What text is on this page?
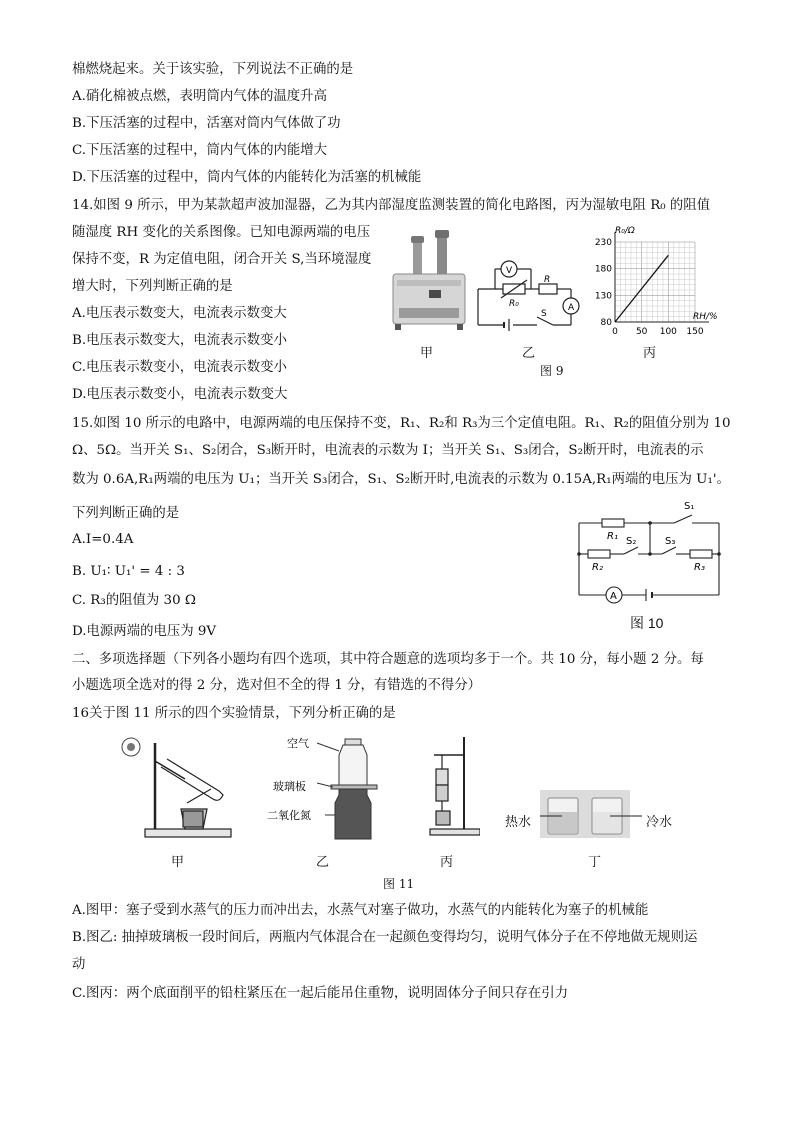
棉燃烧起来。关于该实验，下列说法不正确的是
A.硝化棉被点燃，表明筒内气体的温度升高
B.下压活塞的过程中，活塞对筒内气体做了功
C.下压活塞的过程中，筒内气体的内能增大
D.下压活塞的过程中，筒内气体的内能转化为活塞的机械能
14.如图 9 所示，甲为某款超声波加湿器，乙为其内部湿度监测装置的简化电路图，丙为湿敏电阻 R₀ 的阻值
随湿度 RH 变化的关系图像。已知电源两端的电压
保持不变，R 为定值电阻，闭合开关 S,当环境湿度
增大时，下列判断正确的是
A.电压表示数变大，电流表示数变大
B.电压表示数变大，电流表示数变小
C.电压表示数变小，电流表示数变小
D.电压表示数变小，电流表示数变大
V
A
R₀
R
S
230
180
130
80
0 50 100 150
R₀/Ω
RH/%
甲	乙	丙
图 9
15.如图 10 所示的电路中，电源两端的电压保持不变，R₁、R₂和 R₃为三个定值电阻。R₁、R₂的阻值分别为 10
Ω、5Ω。当开关 S₁、S₂闭合，S₃断开时，电流表的示数为 I；当开关 S₁、S₃闭合，S₂断开时，电流表的示
数为 0.6A,R₁两端的电压为 U₁；当开关 S₃闭合，S₁、S₂断开时,电流表的示数为 0.15A,R₁两端的电压为 U₁'。
下列判断正确的是
A.I=0.4A
B. U₁∶ U₁' = 4 : 3
C. R₃的阻值为 30 Ω
D.电源两端的电压为 9V
R₁
R₂	R₃
S₁
S₂	S₃
A
图 10
二、多项选择题（下列各小题均有四个选项，其中符合题意的选项均多于一个。共 10 分，每小题 2 分。每
小题选项全选对的得 2 分，选对但不全的得 1 分，有错选的不得分）
16关于图 11 所示的四个实验情景，下列分析正确的是
空气
玻璃板
二氧化氮	热水	冷水
甲	乙	丙	丁
图 11
A.图甲：塞子受到水蒸气的压力而冲出去，水蒸气对塞子做功，水蒸气的内能转化为塞子的机械能
B.图乙: 抽掉玻璃板一段时间后，两瓶内气体混合在一起颜色变得均匀，说明气体分子在不停地做无规则运
动
C.图丙：两个底面削平的铅柱紧压在一起后能吊住重物，说明固体分子间只存在引力
